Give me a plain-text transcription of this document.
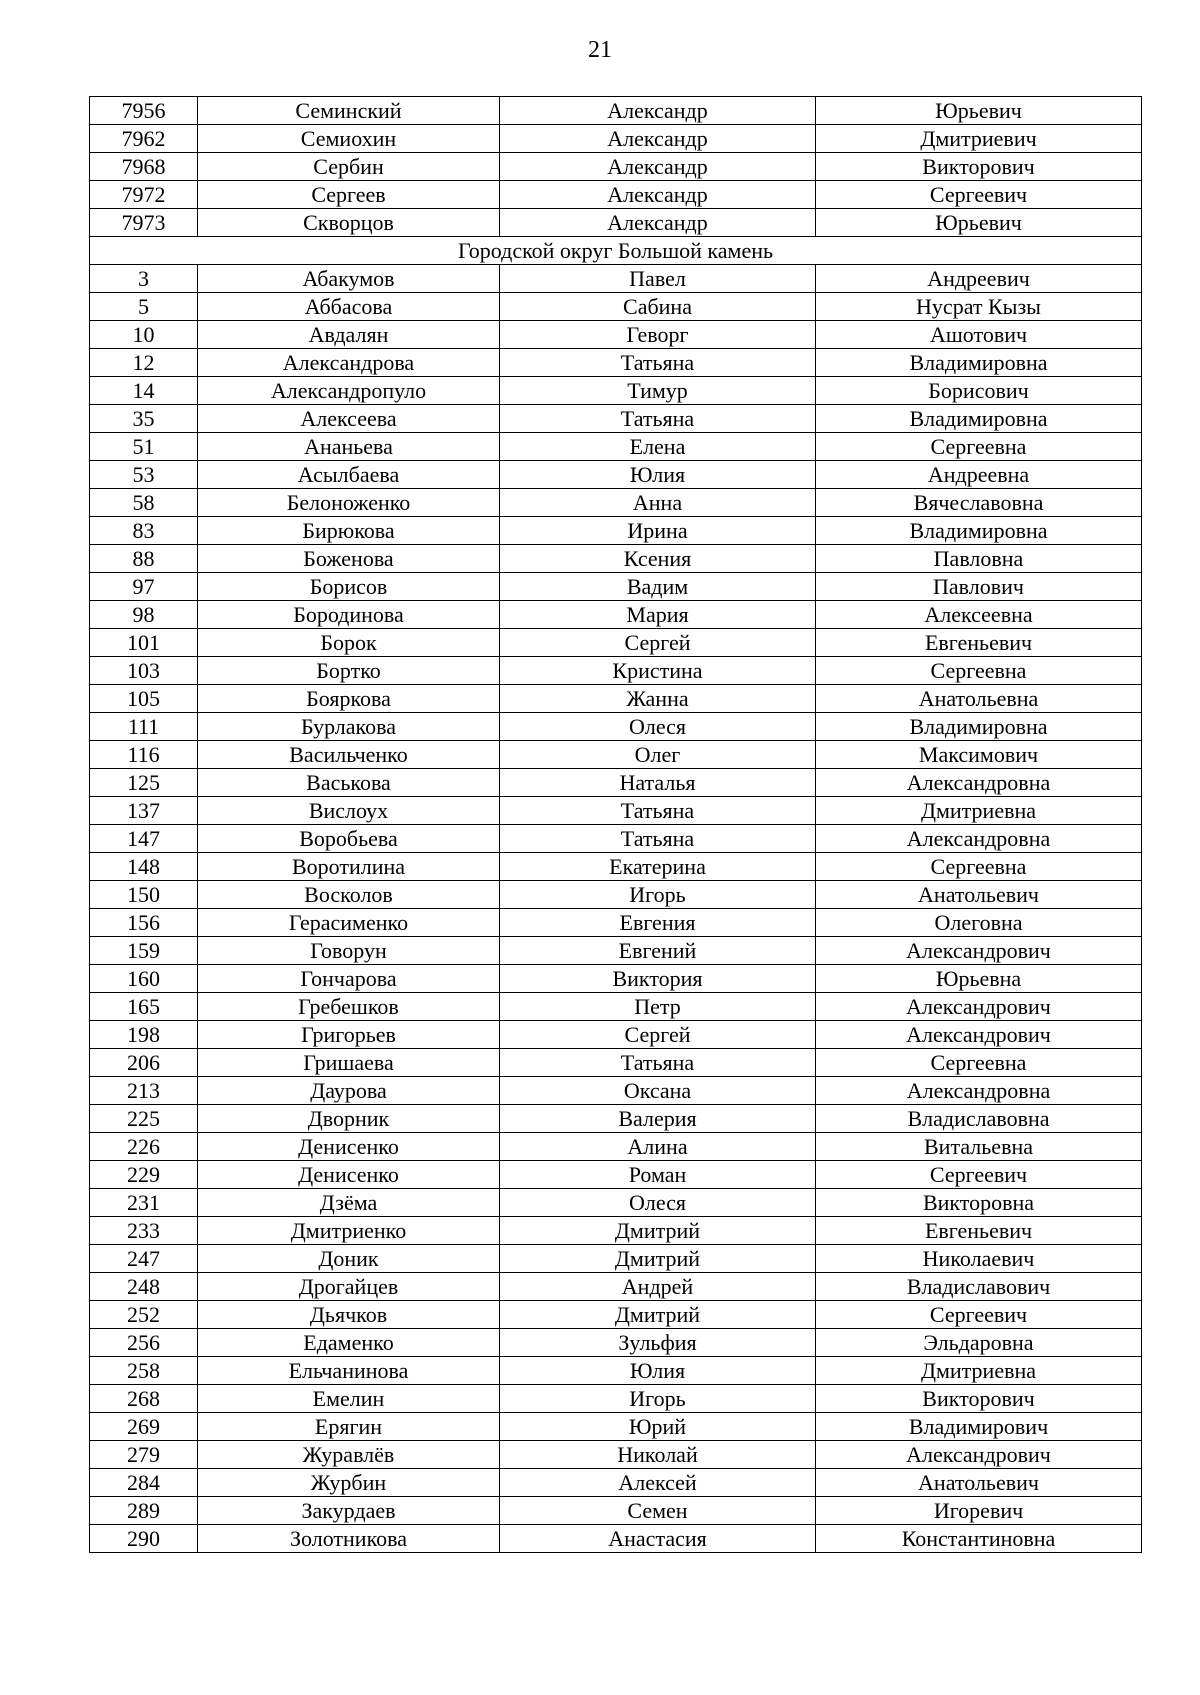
21
7956	Семинский	Александр	Юрьевич
7962	Семиохин	Александр	Дмитриевич
7968	Сербин	Александр	Викторович
7972	Сергеев	Александр	Сергеевич
7973	Скворцов	Александр	Юрьевич
Городской округ Большой камень			
3	Абакумов	Павел	Андреевич
5	Аббасова	Сабина	Нусрат Кызы
10	Авдалян	Геворг	Ашотович
12	Александрова	Татьяна	Владимировна
14	Александропуло	Тимур	Борисович
35	Алексеева	Татьяна	Владимировна
51	Ананьева	Елена	Сергеевна
53	Асылбаева	Юлия	Андреевна
58	Белоноженко	Анна	Вячеславовна
83	Бирюкова	Ирина	Владимировна
88	Боженова	Ксения	Павловна
97	Борисов	Вадим	Павлович
98	Бородинова	Мария	Алексеевна
101	Борок	Сергей	Евгеньевич
103	Бортко	Кристина	Сергеевна
105	Бояркова	Жанна	Анатольевна
111	Бурлакова	Олеся	Владимировна
116	Васильченко	Олег	Максимович
125	Васькова	Наталья	Александровна
137	Вислоух	Татьяна	Дмитриевна
147	Воробьева	Татьяна	Александровна
148	Воротилина	Екатерина	Сергеевна
150	Восколов	Игорь	Анатольевич
156	Герасименко	Евгения	Олеговна
159	Говорун	Евгений	Александрович
160	Гончарова	Виктория	Юрьевна
165	Гребешков	Петр	Александрович
198	Григорьев	Сергей	Александрович
206	Гришаева	Татьяна	Сергеевна
213	Даурова	Оксана	Александровна
225	Дворник	Валерия	Владиславовна
226	Денисенко	Алина	Витальевна
229	Денисенко	Роман	Сергеевич
231	Дзёма	Олеся	Викторовна
233	Дмитриенко	Дмитрий	Евгеньевич
247	Доник	Дмитрий	Николаевич
248	Дрогайцев	Андрей	Владиславович
252	Дьячков	Дмитрий	Сергеевич
256	Едаменко	Зульфия	Эльдаровна
258	Ельчанинова	Юлия	Дмитриевна
268	Емелин	Игорь	Викторович
269	Ерягин	Юрий	Владимирович
279	Журавлёв	Николай	Александрович
284	Журбин	Алексей	Анатольевич
289	Закурдаев	Семен	Игоревич
290	Золотникова	Анастасия	Константиновна
